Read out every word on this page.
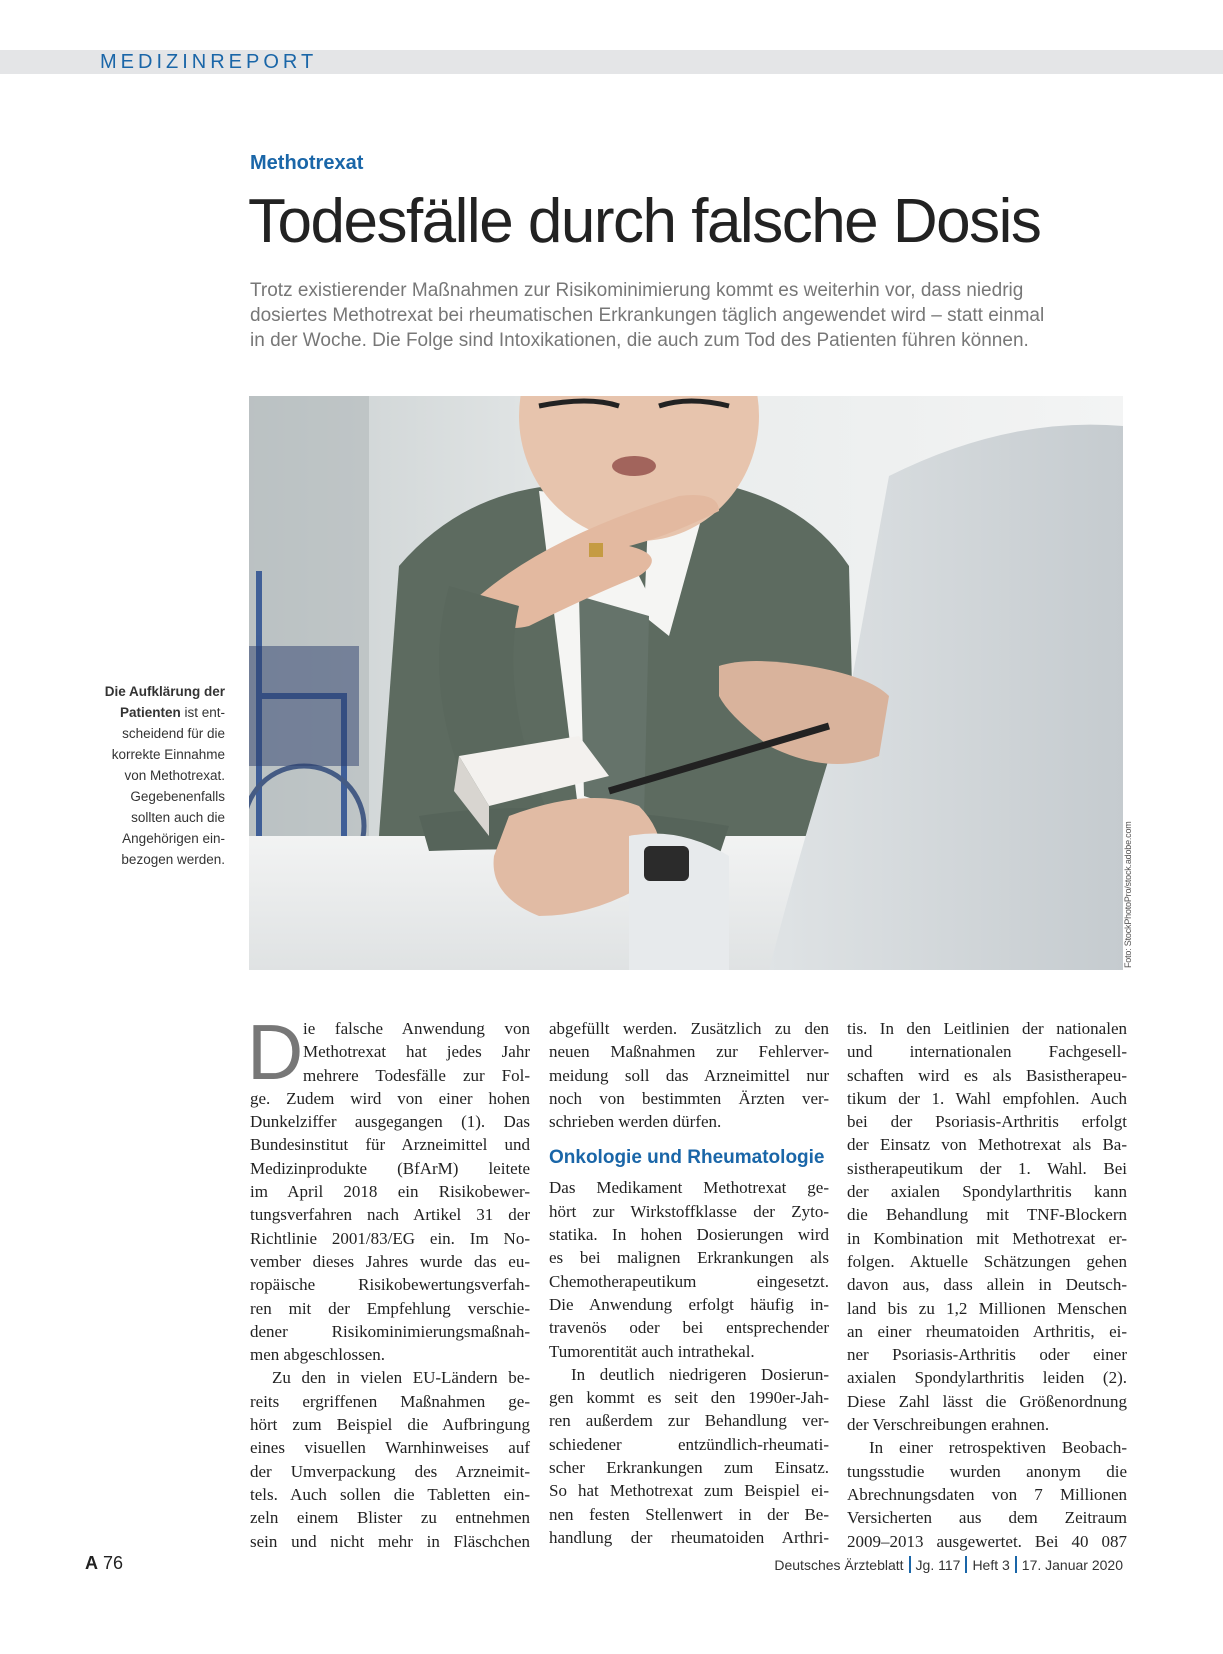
MEDIZINREPORT
Methotrexat
Todesfälle durch falsche Dosis
Trotz existierender Maßnahmen zur Risikominimierung kommt es weiterhin vor, dass niedrig
dosiertes Methotrexat bei rheumatischen Erkrankungen täglich angewendet wird – statt einmal
in der Woche. Die Folge sind Intoxikationen, die auch zum Tod des Patienten führen können.
Foto: StockPhotoPro/stock.adobe.com
Die Aufklärung der
Patienten ist ent-
scheidend für die
korrekte Einnahme
von Methotrexat.
Gegebenenfalls
sollten auch die
Angehörigen ein-
bezogen werden.
D ie falsche Anwendung von
Methotrexat hat jedes Jahr
mehrere Todesfälle zur Fol-
ge. Zudem wird von einer hohen
Dunkelziffer ausgegangen (1). Das
Bundesinstitut für Arzneimittel und
Medizinprodukte (BfArM) leitete
im April 2018 ein Risikobewer-
tungsverfahren nach Artikel 31 der
Richtlinie 2001/83/EG ein. Im No-
vember dieses Jahres wurde das eu-
ropäische Risikobewertungsverfah-
ren mit der Empfehlung verschie-
dener Risikominimierungsmaßnah-
men abgeschlossen.
Zu den in vielen EU-Ländern be-
reits ergriffenen Maßnahmen ge-
hört zum Beispiel die Aufbringung
eines visuellen Warnhinweises auf
der Umverpackung des Arzneimit-
tels. Auch sollen die Tabletten ein-
zeln einem Blister zu entnehmen
sein und nicht mehr in Fläschchen
abgefüllt werden. Zusätzlich zu den
neuen Maßnahmen zur Fehlerver-
meidung soll das Arzneimittel nur
noch von bestimmten Ärzten ver-
schrieben werden dürfen.
Onkologie und Rheumatologie
Das Medikament Methotrexat ge-
hört zur Wirkstoffklasse der Zyto-
statika. In hohen Dosierungen wird
es bei malignen Erkrankungen als
Chemotherapeutikum eingesetzt.
Die Anwendung erfolgt häufig in-
travenös oder bei entsprechender
Tumorentität auch intrathekal.
In deutlich niedrigeren Dosierun-
gen kommt es seit den 1990er-Jah-
ren außerdem zur Behandlung ver-
schiedener entzündlich-rheumati-
scher Erkrankungen zum Einsatz.
So hat Methotrexat zum Beispiel ei-
nen festen Stellenwert in der Be-
handlung der rheumatoiden Arthri-
tis. In den Leitlinien der nationalen
und internationalen Fachgesell-
schaften wird es als Basistherapeu-
tikum der 1. Wahl empfohlen. Auch
bei der Psoriasis-Arthritis erfolgt
der Einsatz von Methotrexat als Ba-
sistherapeutikum der 1. Wahl. Bei
der axialen Spondylarthritis kann
die Behandlung mit TNF-Blockern
in Kombination mit Methotrexat er-
folgen. Aktuelle Schätzungen gehen
davon aus, dass allein in Deutsch-
land bis zu 1,2 Millionen Menschen
an einer rheumatoiden Arthritis, ei-
ner Psoriasis-Arthritis oder einer
axialen Spondylarthritis leiden (2).
Diese Zahl lässt die Größenordnung
der Verschreibungen erahnen.
In einer retrospektiven Beobach-
tungsstudie wurden anonym die
Abrechnungsdaten von 7 Millionen
Versicherten aus dem Zeitraum
2009–2013 ausgewertet. Bei 40 087
A 76	Deutsches Ärzteblatt Jg. 117 Heft 3 17. Januar 2020
